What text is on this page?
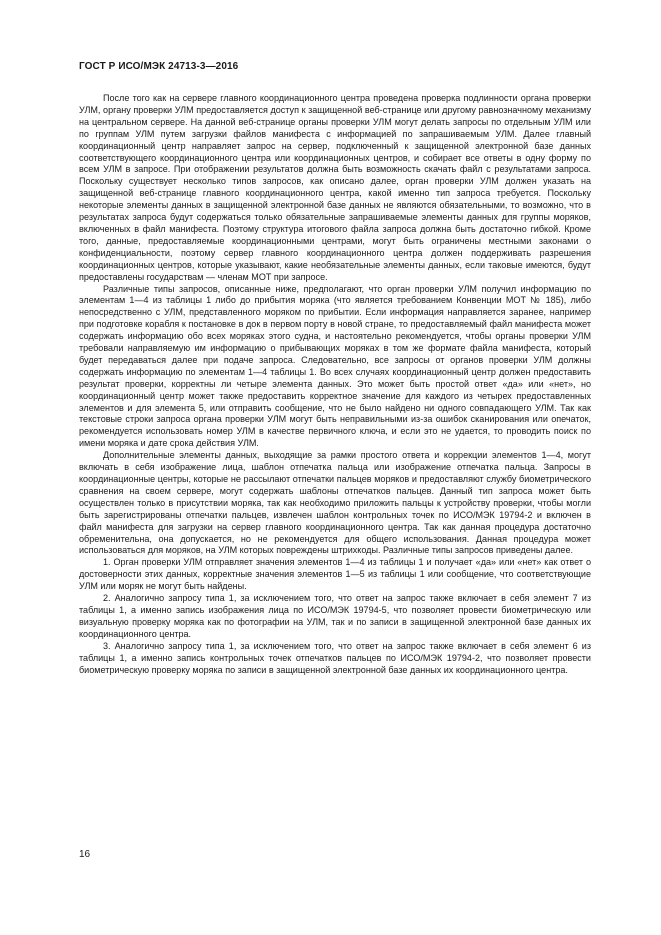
ГОСТ Р ИСО/МЭК 24713-3—2016

После того как на сервере главного координационного центра проведена проверка подлинности органа проверки УЛМ, органу проверки УЛМ предоставляется доступ к защищенной веб-странице или другому равнозначному механизму на центральном сервере. На данной веб-странице органы проверки УЛМ могут делать запросы по отдельным УЛМ или по группам УЛМ путем загрузки файлов манифеста с информацией по запрашиваемым УЛМ. Далее главный координационный центр направляет запрос на сервер, подключенный к защищенной электронной базе данных соответствующего координационного центра или координационных центров, и собирает все ответы в одну форму по всем УЛМ в запросе. При отображении результатов должна быть возможность скачать файл с результатами запроса. Поскольку существует несколько типов запросов, как описано далее, орган проверки УЛМ должен указать на защищенной веб-странице главного координационного центра, какой именно тип запроса требуется. Поскольку некоторые элементы данных в защищенной электронной базе данных не являются обязательными, то возможно, что в результатах запроса будут содержаться только обязательные запрашиваемые элементы данных для группы моряков, включенных в файл манифеста. Поэтому структура итогового файла запроса должна быть достаточно гибкой. Кроме того, данные, предоставляемые координационными центрами, могут быть ограничены местными законами о конфиденциальности, поэтому сервер главного координационного центра должен поддерживать разрешения координационных центров, которые указывают, какие необязательные элементы данных, если таковые имеются, будут предоставлены государствам — членам МОТ при запросе.

Различные типы запросов, описанные ниже, предполагают, что орган проверки УЛМ получил информацию по элементам 1—4 из таблицы 1 либо до прибытия моряка (что является требованием Конвенции МОТ № 185), либо непосредственно с УЛМ, представленного моряком по прибытии. Если информация направляется заранее, например при подготовке корабля к постановке в док в первом порту в новой стране, то предоставляемый файл манифеста может содержать информацию обо всех моряках этого судна, и настоятельно рекомендуется, чтобы органы проверки УЛМ требовали направляемую им информацию о прибывающих моряках в том же формате файла манифеста, который будет передаваться далее при подаче запроса. Следовательно, все запросы от органов проверки УЛМ должны содержать информацию по элементам 1—4 таблицы 1. Во всех случаях координационный центр должен предоставить результат проверки, корректны ли четыре элемента данных. Это может быть простой ответ «да» или «нет», но координационный центр может также предоставить корректное значение для каждого из четырех предоставленных элементов и для элемента 5, или отправить сообщение, что не было найдено ни одного совпадающего УЛМ. Так как текстовые строки запроса органа проверки УЛМ могут быть неправильными из-за ошибок сканирования или опечаток, рекомендуется использовать номер УЛМ в качестве первичного ключа, и если это не удается, то проводить поиск по имени моряка и дате срока действия УЛМ.

Дополнительные элементы данных, выходящие за рамки простого ответа и коррекции элементов 1—4, могут включать в себя изображение лица, шаблон отпечатка пальца или изображение отпечатка пальца. Запросы в координационные центры, которые не рассылают отпечатки пальцев моряков и предоставляют службу биометрического сравнения на своем сервере, могут содержать шаблоны отпечатков пальцев. Данный тип запроса может быть осуществлен только в присутствии моряка, так как необходимо приложить пальцы к устройству проверки, чтобы могли быть зарегистрированы отпечатки пальцев, извлечен шаблон контрольных точек по ИСО/МЭК 19794-2 и включен в файл манифеста для загрузки на сервер главного координационного центра. Так как данная процедура достаточно обременительна, она допускается, но не рекомендуется для общего использования. Данная процедура может использоваться для моряков, на УЛМ которых повреждены штрихкоды. Различные типы запросов приведены далее.

1. Орган проверки УЛМ отправляет значения элементов 1—4 из таблицы 1 и получает «да» или «нет» как ответ о достоверности этих данных, корректные значения элементов 1—5 из таблицы 1 или сообщение, что соответствующие УЛМ или моряк не могут быть найдены.

2. Аналогично запросу типа 1, за исключением того, что ответ на запрос также включает в себя элемент 7 из таблицы 1, а именно запись изображения лица по ИСО/МЭК 19794-5, что позволяет провести биометрическую или визуальную проверку моряка как по фотографии на УЛМ, так и по записи в защищенной электронной базе данных их координационного центра.

3. Аналогично запросу типа 1, за исключением того, что ответ на запрос также включает в себя элемент 6 из таблицы 1, а именно запись контрольных точек отпечатков пальцев по ИСО/МЭК 19794-2, что позволяет провести биометрическую проверку моряка по записи в защищенной электронной базе данных их координационного центра.

16
